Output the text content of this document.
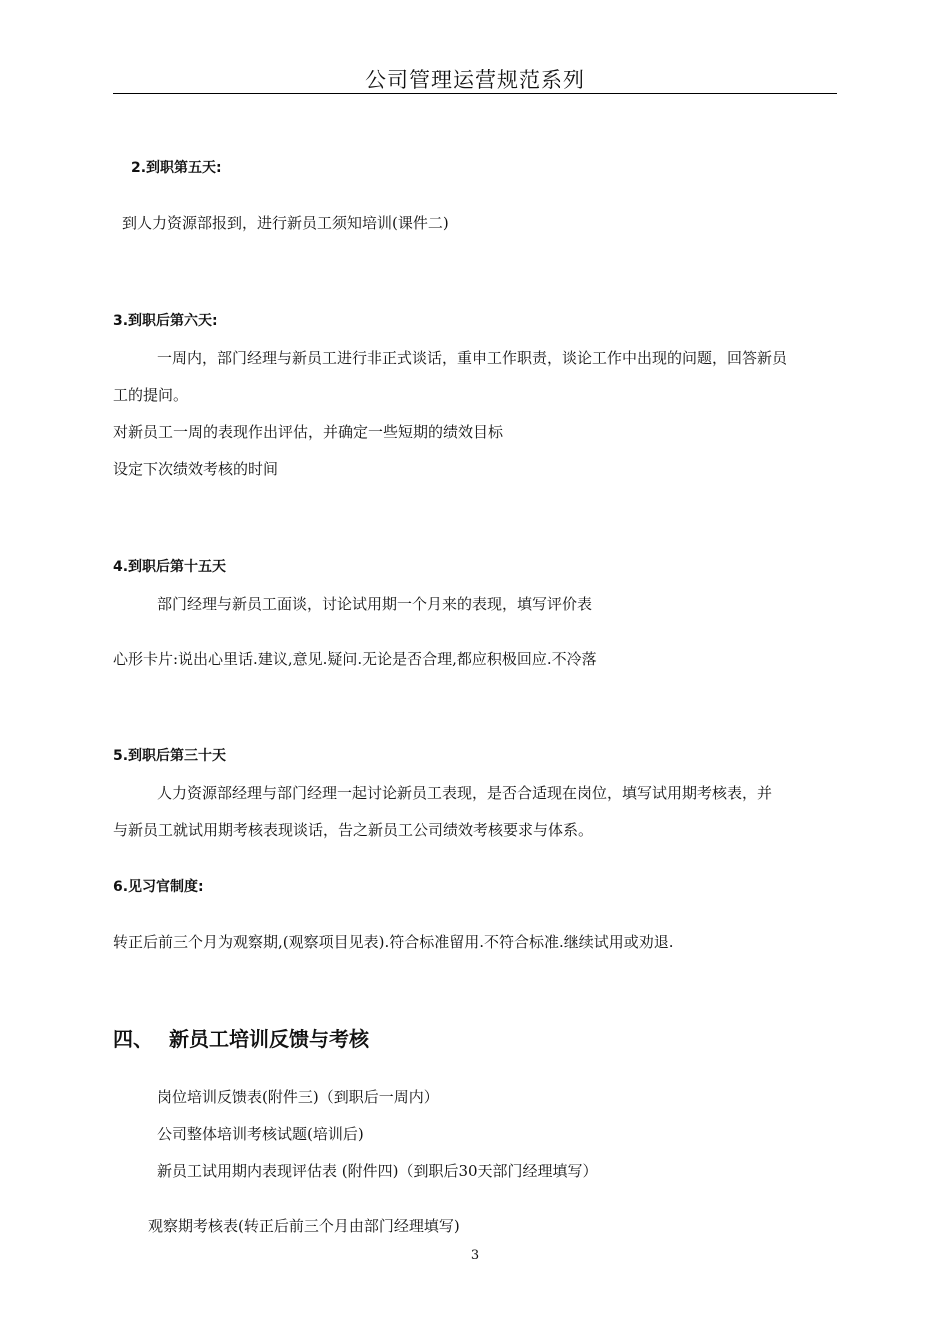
公司管理运营规范系列
2.到职第五天:
到人力资源部报到，进行新员工须知培训(课件二)
3.到职后第六天:
一周内，部门经理与新员工进行非正式谈话，重申工作职责，谈论工作中出现的问题，回答新员
工的提问。
对新员工一周的表现作出评估，并确定一些短期的绩效目标
设定下次绩效考核的时间
4.到职后第十五天
部门经理与新员工面谈，讨论试用期一个月来的表现，填写评价表
心形卡片:说出心里话.建议,意见.疑问.无论是否合理,都应积极回应.不冷落
5.到职后第三十天
人力资源部经理与部门经理一起讨论新员工表现，是否合适现在岗位，填写试用期考核表，并
与新员工就试用期考核表现谈话，告之新员工公司绩效考核要求与体系。
6.见习官制度:
转正后前三个月为观察期,(观察项目见表).符合标准留用.不符合标准.继续试用或劝退.
四、 新员工培训反馈与考核
岗位培训反馈表(附件三)（到职后一周内）
公司整体培训考核试题(培训后)
新员工试用期内表现评估表 (附件四)（到职后30天部门经理填写）
观察期考核表(转正后前三个月由部门经理填写)
3
